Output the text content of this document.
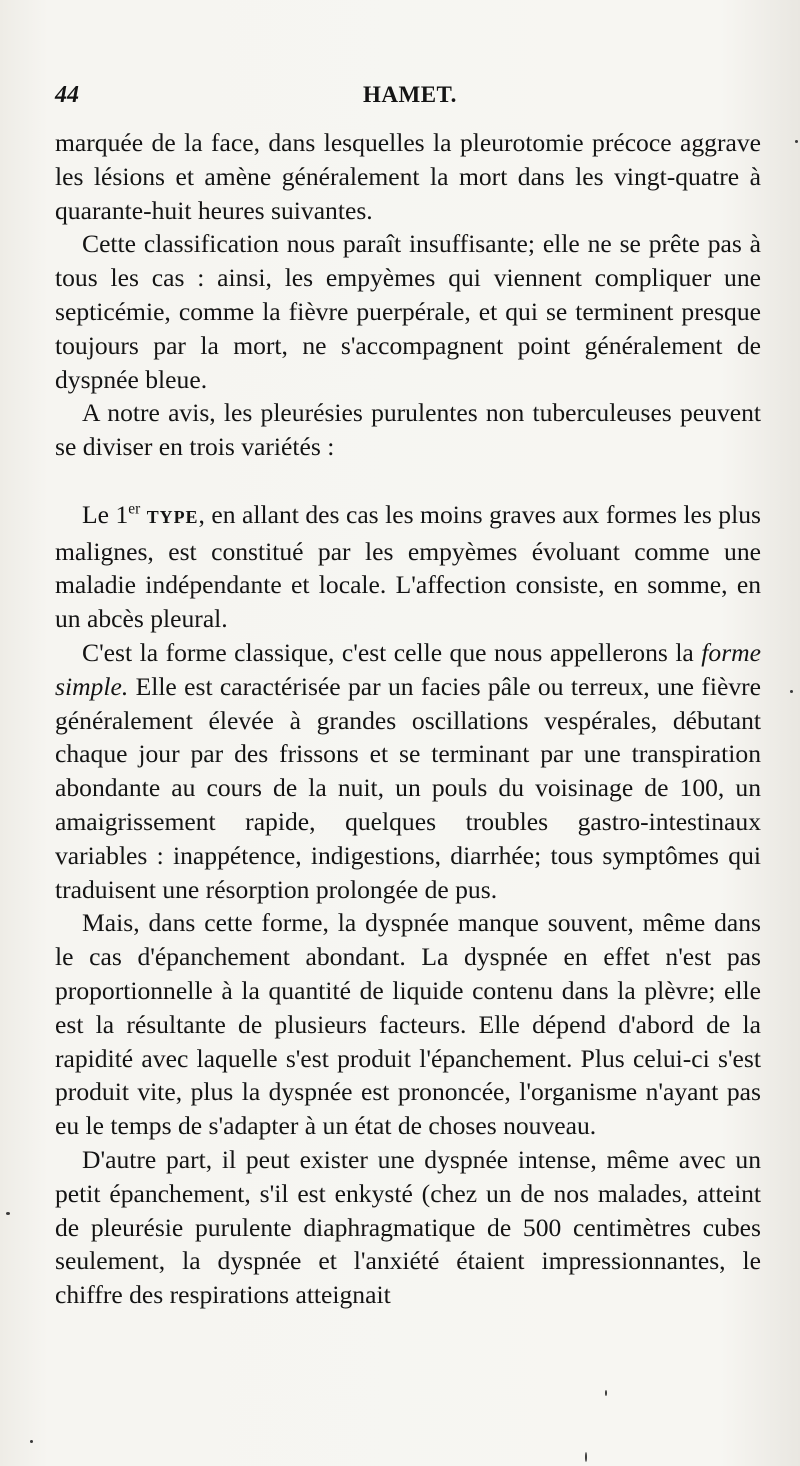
44	HAMET.

marquée de la face, dans lesquelles la pleurotomie précoce aggrave les lésions et amène généralement la mort dans les vingt-quatre à quarante-huit heures suivantes.

Cette classification nous paraît insuffisante; elle ne se prête pas à tous les cas : ainsi, les empyèmes qui viennent compliquer une septicémie, comme la fièvre puerpérale, et qui se terminent presque toujours par la mort, ne s'accompagnent point généralement de dyspnée bleue.

A notre avis, les pleurésies purulentes non tuberculeuses peuvent se diviser en trois variétés :

Le 1er TYPE, en allant des cas les moins graves aux formes les plus malignes, est constitué par les empyèmes évoluant comme une maladie indépendante et locale. L'affection consiste, en somme, en un abcès pleural.

C'est la forme classique, c'est celle que nous appellerons la forme simple. Elle est caractérisée par un facies pâle ou terreux, une fièvre généralement élevée à grandes oscillations vespérales, débutant chaque jour par des frissons et se terminant par une transpiration abondante au cours de la nuit, un pouls du voisinage de 100, un amaigrissement rapide, quelques troubles gastro-intestinaux variables : inappétence, indigestions, diarrhée; tous symptômes qui traduisent une résorption prolongée de pus.

Mais, dans cette forme, la dyspnée manque souvent, même dans le cas d'épanchement abondant. La dyspnée en effet n'est pas proportionnelle à la quantité de liquide contenu dans la plèvre; elle est la résultante de plusieurs facteurs. Elle dépend d'abord de la rapidité avec laquelle s'est produit l'épanchement. Plus celui-ci s'est produit vite, plus la dyspnée est prononcée, l'organisme n'ayant pas eu le temps de s'adapter à un état de choses nouveau.

D'autre part, il peut exister une dyspnée intense, même avec un petit épanchement, s'il est enkysté (chez un de nos malades, atteint de pleurésie purulente diaphragmatique de 500 centimètres cubes seulement, la dyspnée et l'anxiété étaient impressionnantes, le chiffre des respirations atteignait
